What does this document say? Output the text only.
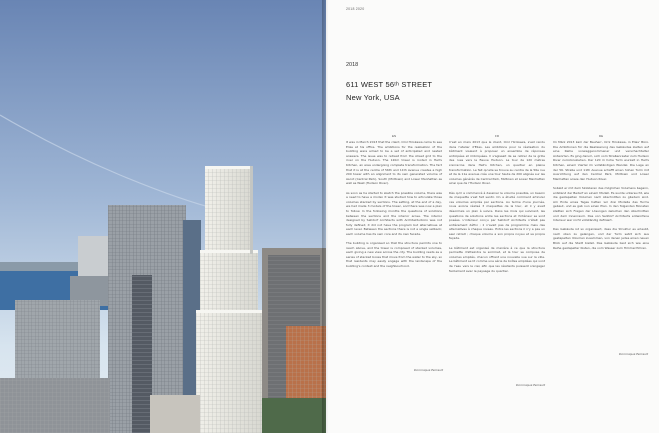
2018 2020
2018
611 WEST 56ᵗʰ STREET
New York, USA
EN	FR	DE

It was in March 2013 that the client, Ornl Hirokawa came to see Elias at his office. The ambitions for the realisation of the building were aimed to be a set of anticipated and nested answers. The issue was to retreat from the street grid to the river on the Hudson. The 120m tower is rooted in Hell's Kitchen, an area undergoing complete transformation. The fact that it is at the centre of 56th and 11th Avenue creates a high 200 tower with an alignment to its own generated volume of Ascot (Central Park), South (Midtown) and Lower Manhattan as well as West (Hudson River).

As soon as he started to sketch the possible volume, there was a need to have a model. It was studied how to articulate those volumes stacked by sections. The setting, at the end of a day, we had made 3 models of the tower, and there was now a plan to follow. In the following months the questions of solutions between the sections and the interior arose. The interior designed by Selldorf Architects with Architekturbüro was not fully defined; it did not have the program but alternatives at each level. Between the sections there is not a single setback; each volume has its own core and its own facade.

The building is organised so that the structure permits one to reach above, and the tower is composed of stacked volumes, each giving a new view across the city. The building reads as a series of stacked boxes that move from the water to the sky, so that residents may easily engage with the landscape of the building's context and the neighbourhood.

C'est en mars 2013 que le client, Ornl Hirokawa, s'est rendu dans l'atelier d'Elias. Les ambitions pour la réalisation du bâtiment visaient à proposer un ensemble de réponses anticipées et imbriquées. Il s'agissait de se retirer de la grille des rues vers le fleuve Hudson. La tour de 120 mètres s'enracine dans Hell's Kitchen, un quartier en pleine transformation. Le fait qu'elle se trouve au centre de la 56e rue et de la 11e avenue crée une tour haute de 200 alignée sur les volumes générés de Central Park, Midtown et Lower Manhattan ainsi que de l'Hudson River.

Dès qu'il a commencé à dessiner le volume possible, un besoin de maquette s'est fait sentir. On a étudié comment articuler ces volumes empilés par sections. Au terme d'une journée, nous avions réalisé 3 maquettes de la tour, et il y avait désormais un plan à suivre. Dans les mois qui suivirent, les questions de solutions entre les sections et l'intérieur se sont posées. L'intérieur conçu par Selldorf Architects n'était pas entièrement défini ; il n'avait pas de programme mais des alternatives à chaque niveau. Entre les sections il n'y a pas un seul retrait ; chaque volume a son propre noyau et sa propre façade.

Le bâtiment est organisé de manière à ce que la structure permette d'atteindre le sommet, et la tour se compose de volumes empilés, chacun offrant une nouvelle vue sur la ville. Le bâtiment se lit comme une série de boîtes empilées qui vont de l'eau vers le ciel, afin que les résidents puissent s'engager facilement avec le paysage du quartier.

Im März 2013 kam der Bauherr, Ornl Hirokawa, in Elias' Büro. Die Ambitionen für die Realisierung des Gebäudes zielten auf eine Reihe vorweggenommener und verschachtelter Antworten. Es ging darum, sich vom Straßenraster zum Hudson River zurückzuziehen. Der 120 m hohe Turm wurzelt in Hell's Kitchen, einem Viertel im vollständigen Wandel. Die Lage an der 56. Straße und 11th Avenue schafft einen hohen Turm mit Ausrichtung auf den Central Park, Midtown und Lower Manhattan sowie den Hudson River.

Sobald er mit dem Skizzieren des möglichen Volumens begann, entstand der Bedarf an einem Modell. Es wurde untersucht, wie die gestapelten Volumen nach Abschnitten zu gliedern sind. Am Ende eines Tages hatten wir drei Modelle des Turms gebaut, und es gab nun einen Plan. In den folgenden Monaten stellten sich Fragen der Lösungen zwischen den Abschnitten und dem Innenraum. Das von Selldorf Architects entworfene Interieur war nicht vollständig definiert.

Das Gebäude ist so organisiert, dass die Struktur es erlaubt, nach oben zu gelangen, und der Turm setzt sich aus gestapelten Volumen zusammen, von denen jedes einen neuen Blick auf die Stadt bietet. Das Gebäude liest sich wie eine Reihe gestapelter Kisten, die vom Wasser zum Himmel führen.

Dominique Perrault
Dominique Perrault
Dominique Perrault
